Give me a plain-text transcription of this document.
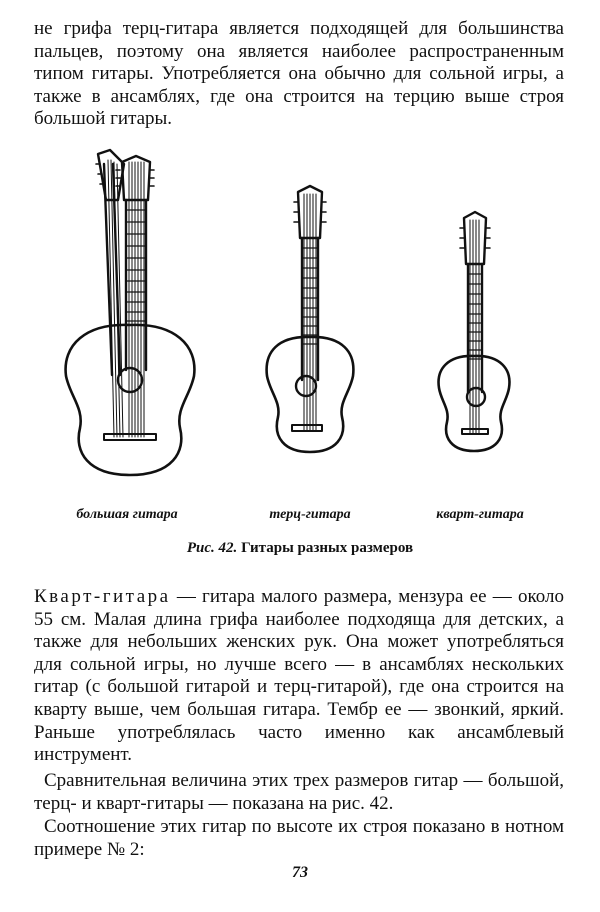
не грифа терц-гитара является подходящей для большинства пальцев, поэтому она является наиболее распространенным типом гитары. Употребляется она обычно для сольной игры, а также в ансамблях, где она строится на терцию выше строя большой гитары.

большая гитара	терц-гитара	кварт-гитара
Рис. 42. Гитары разных размеров

Кварт-гитара — гитара малого размера, мензура ее — около 55 см. Малая длина грифа наиболее подходяща для детских, а также для небольших женских рук. Она может употребляться для сольной игры, но лучше всего — в ансамблях нескольких гитар (с большой гитарой и терц-гитарой), где она строится на кварту выше, чем большая гитара. Тембр ее — звонкий, яркий. Раньше употреблялась часто именно как ансамблевый инструмент.

Сравнительная величина этих трех размеров гитар — большой, терц- и кварт-гитары — показана на рис. 42.

Соотношение этих гитар по высоте их строя показано в нотном примере № 2:

73
